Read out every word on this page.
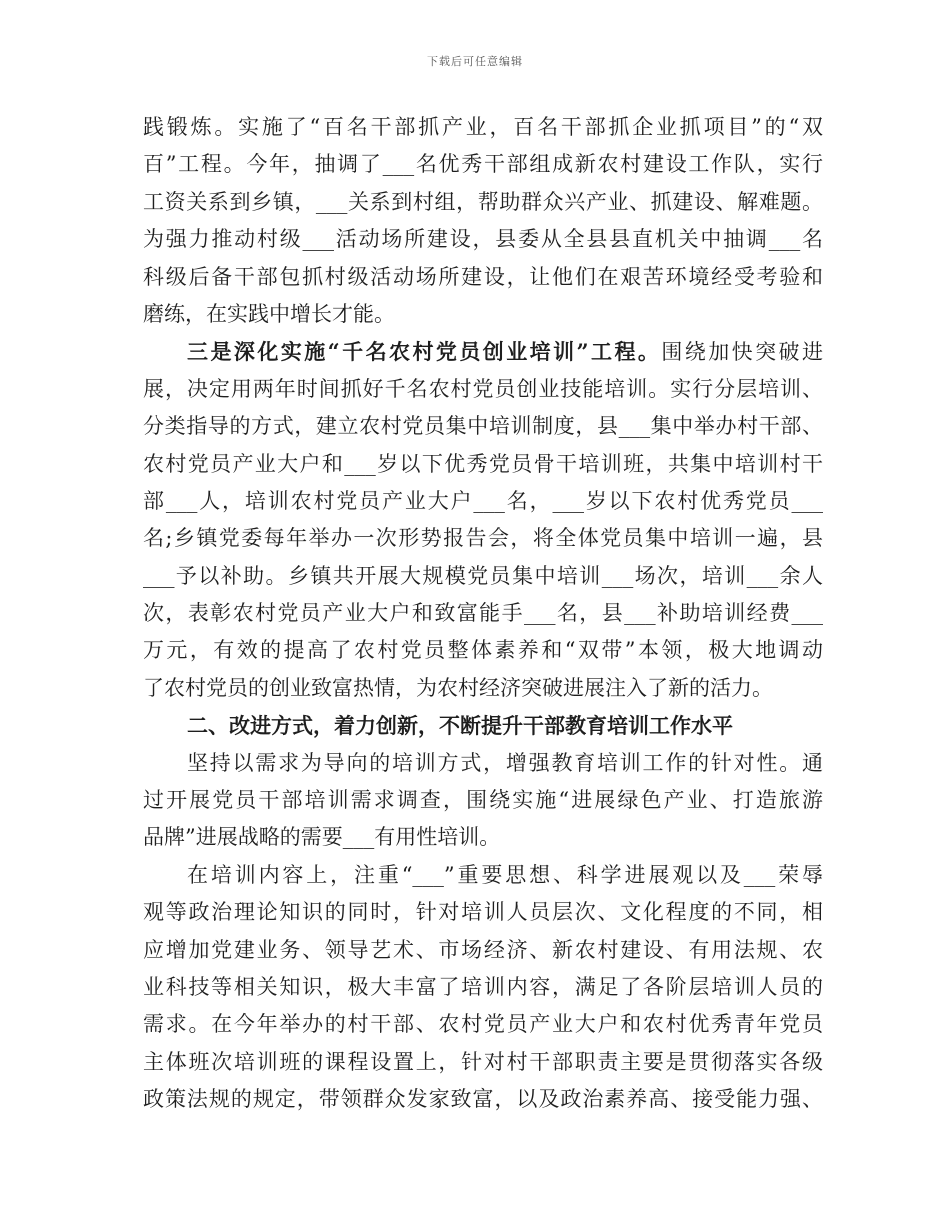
下载后可任意编辑
践锻炼。实施了“百名干部抓产业，百名干部抓企业抓项目”的“双
百”工程。今年，抽调了___名优秀干部组成新农村建设工作队，实行
工资关系到乡镇，___关系到村组，帮助群众兴产业、抓建设、解难题。
为强力推动村级___活动场所建设，县委从全县县直机关中抽调___名
科级后备干部包抓村级活动场所建设，让他们在艰苦环境经受考验和
磨练，在实践中增长才能。
三是深化实施“千名农村党员创业培训”工程。围绕加快突破进
展，决定用两年时间抓好千名农村党员创业技能培训。实行分层培训、
分类指导的方式，建立农村党员集中培训制度，县___集中举办村干部、
农村党员产业大户和___岁以下优秀党员骨干培训班，共集中培训村干
部___人，培训农村党员产业大户___名，___岁以下农村优秀党员___
名;乡镇党委每年举办一次形势报告会，将全体党员集中培训一遍，县
___予以补助。乡镇共开展大规模党员集中培训___场次，培训___余人
次，表彰农村党员产业大户和致富能手___名，县___补助培训经费___
万元，有效的提高了农村党员整体素养和“双带”本领，极大地调动
了农村党员的创业致富热情，为农村经济突破进展注入了新的活力。
二、改进方式，着力创新，不断提升干部教育培训工作水平
坚持以需求为导向的培训方式，增强教育培训工作的针对性。通
过开展党员干部培训需求调查，围绕实施“进展绿色产业、打造旅游
品牌”进展战略的需要___有用性培训。
在培训内容上，注重“___”重要思想、科学进展观以及___荣辱
观等政治理论知识的同时，针对培训人员层次、文化程度的不同，相
应增加党建业务、领导艺术、市场经济、新农村建设、有用法规、农
业科技等相关知识，极大丰富了培训内容，满足了各阶层培训人员的
需求。在今年举办的村干部、农村党员产业大户和农村优秀青年党员
主体班次培训班的课程设置上，针对村干部职责主要是贯彻落实各级
政策法规的规定，带领群众发家致富，以及政治素养高、接受能力强、
